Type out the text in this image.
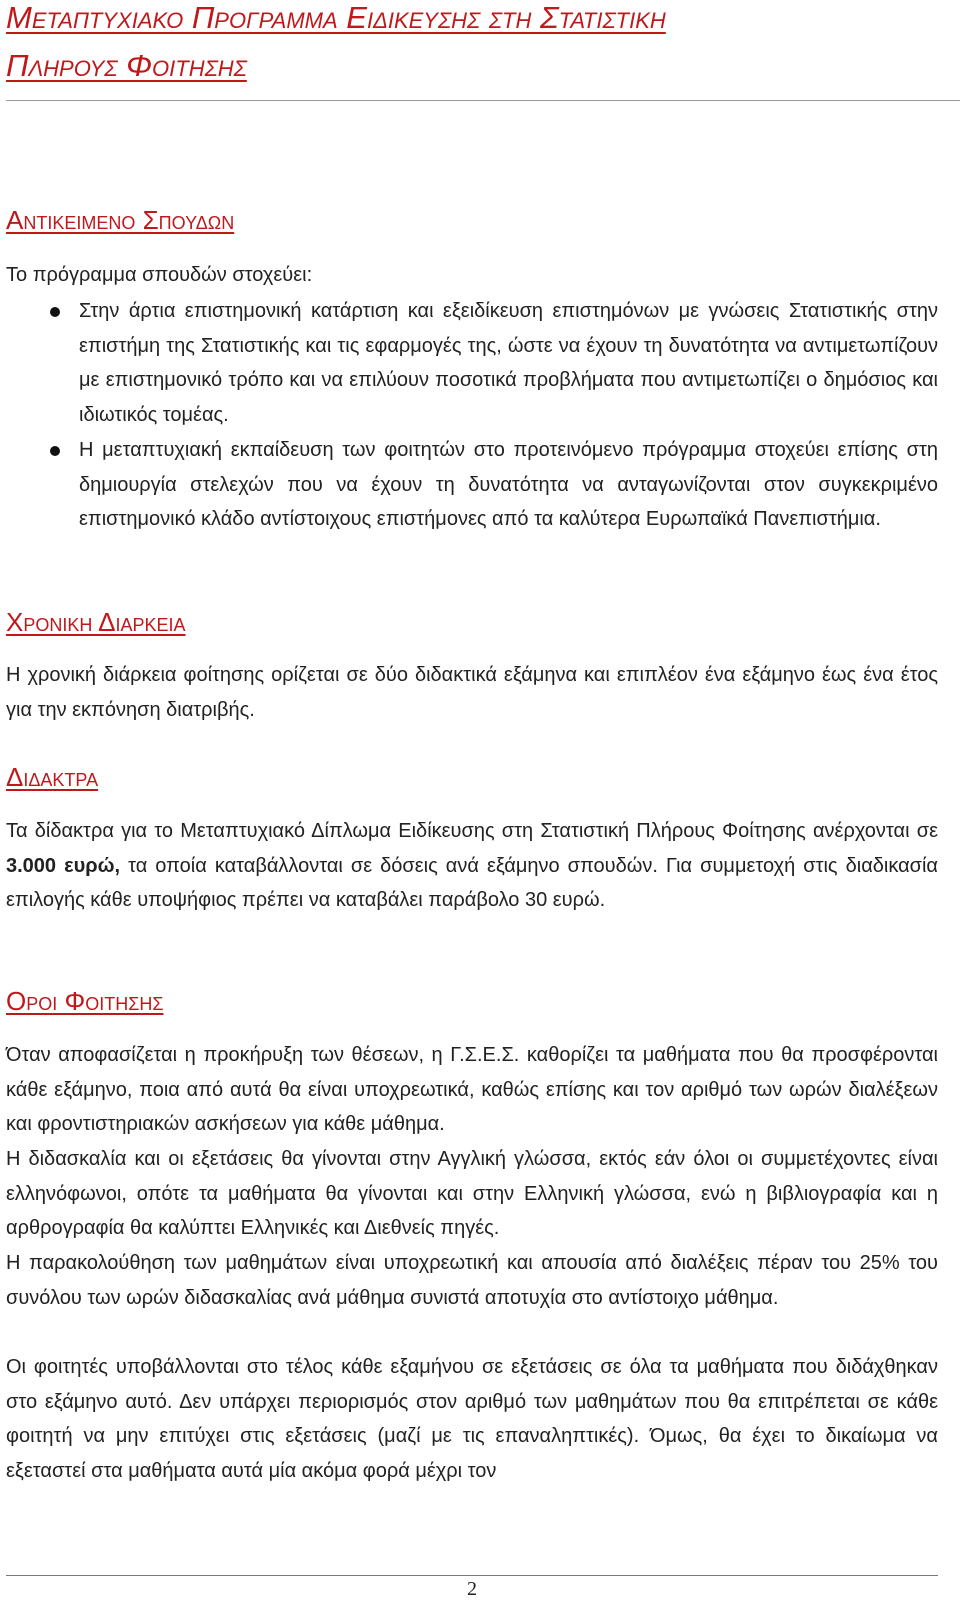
Μεταπτυχιακο Προγραμμα Ειδικευσης στη Στατιστικη
Πληρους Φοιτησης
Αντικειμενο Σπουδων
Το πρόγραμμα σπουδών στοχεύει:

Στην άρτια επιστημονική κατάρτιση και εξειδίκευση επιστημόνων με γνώσεις Στατιστικής στην επιστήμη της Στατιστικής και τις εφαρμογές της, ώστε να έχουν τη δυνατότητα να αντιμετωπίζουν με επιστημονικό τρόπο και να επιλύουν ποσοτικά προβλήματα που αντιμετωπίζει ο δημόσιος και ιδιωτικός τομέας.

Η μεταπτυχιακή εκπαίδευση των φοιτητών στο προτεινόμενο πρόγραμμα στοχεύει επίσης στη δημιουργία στελεχών που να έχουν τη δυνατότητα να ανταγωνίζονται στον συγκεκριμένο επιστημονικό κλάδο αντίστοιχους επιστήμονες από τα καλύτερα Ευρωπαϊκά Πανεπιστήμια.

Χρονικη Διαρκεια

Η χρονική διάρκεια φοίτησης ορίζεται σε δύο διδακτικά εξάμηνα και επιπλέον ένα εξάμηνο έως ένα έτος για την εκπόνηση διατριβής.

Διδακτρα

Τα δίδακτρα για το Μεταπτυχιακό Δίπλωμα Ειδίκευσης στη Στατιστική Πλήρους Φοίτησης ανέρχονται σε 3.000 ευρώ, τα οποία καταβάλλονται σε δόσεις ανά εξάμηνο σπουδών. Για συμμετοχή στις διαδικασία επιλογής κάθε υποψήφιος πρέπει να καταβάλει παράβολο 30 ευρώ.

Οροι Φοιτησης

Όταν αποφασίζεται η προκήρυξη των θέσεων, η Γ.Σ.Ε.Σ. καθορίζει τα μαθήματα που θα προσφέρονται κάθε εξάμηνο, ποια από αυτά θα είναι υποχρεωτικά, καθώς επίσης και τον αριθμό των ωρών διαλέξεων και φροντιστηριακών ασκήσεων για κάθε μάθημα.

Η διδασκαλία και οι εξετάσεις θα γίνονται στην Αγγλική γλώσσα, εκτός εάν όλοι οι συμμετέχοντες είναι ελληνόφωνοι, οπότε τα μαθήματα θα γίνονται και στην Ελληνική γλώσσα, ενώ η βιβλιογραφία και η αρθρογραφία θα καλύπτει Ελληνικές και Διεθνείς πηγές.

Η παρακολούθηση των μαθημάτων είναι υποχρεωτική και απουσία από διαλέξεις πέραν του 25% του συνόλου των ωρών διδασκαλίας ανά μάθημα συνιστά αποτυχία στο αντίστοιχο μάθημα.

Οι φοιτητές υποβάλλονται στο τέλος κάθε εξαμήνου σε εξετάσεις σε όλα τα μαθήματα που διδάχθηκαν στο εξάμηνο αυτό. Δεν υπάρχει περιορισμός στον αριθμό των μαθημάτων που θα επιτρέπεται σε κάθε φοιτητή να μην επιτύχει στις εξετάσεις (μαζί με τις επαναληπτικές). Όμως, θα έχει το δικαίωμα να εξεταστεί στα μαθήματα αυτά μία ακόμα φορά μέχρι τον

2
